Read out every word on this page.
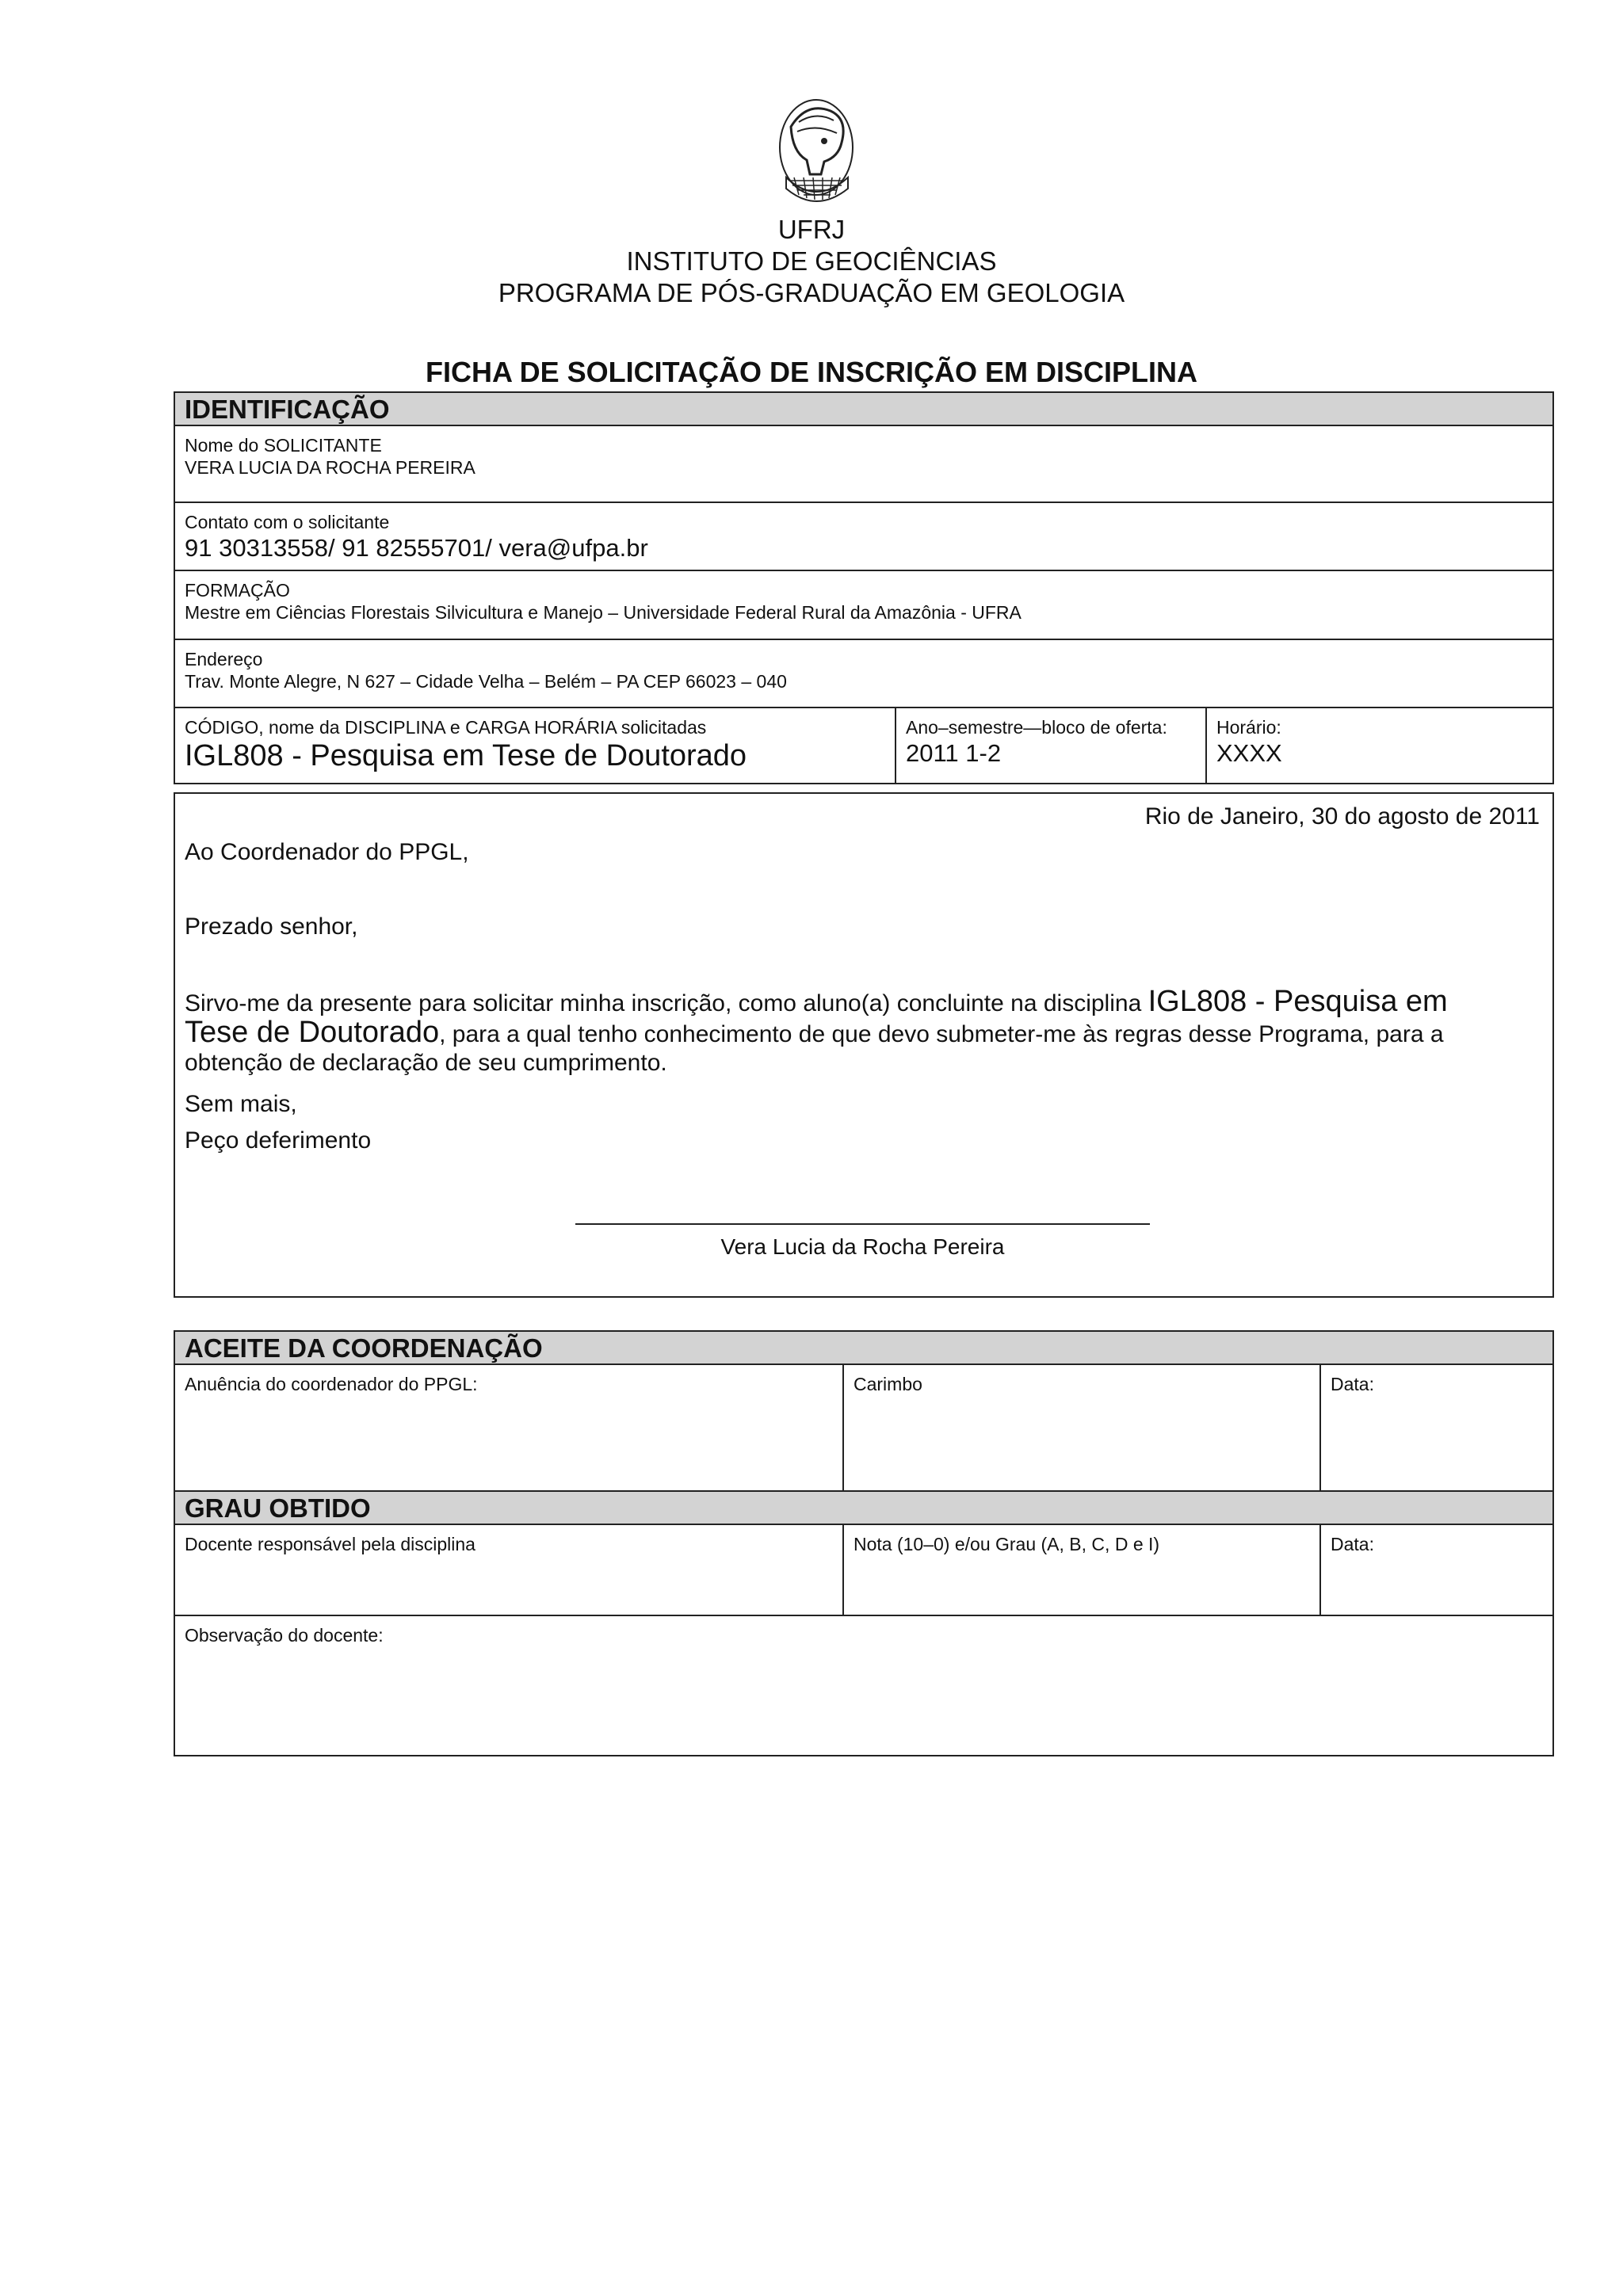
UFRJ
INSTITUTO DE GEOCIÊNCIAS
PROGRAMA DE PÓS-GRADUAÇÃO EM GEOLOGIA
FICHA DE SOLICITAÇÃO DE INSCRIÇÃO EM DISCIPLINA
IDENTIFICAÇÃO
Nome do SOLICITANTE
VERA LUCIA DA ROCHA PEREIRA
Contato com o solicitante
91 30313558/ 91 82555701/ vera@ufpa.br
FORMAÇÃO
Mestre em Ciências Florestais Silvicultura e Manejo – Universidade Federal Rural da Amazônia - UFRA
Endereço
Trav. Monte Alegre, N 627 – Cidade Velha – Belém – PA CEP 66023 – 040
CÓDIGO, nome da DISCIPLINA e CARGA HORÁRIA solicitadas
IGL808 - Pesquisa em Tese de Doutorado
Ano–semestre—bloco de oferta:
2011 1-2
Horário:
XXXX
Rio de Janeiro, 30 do agosto de 2011
Ao Coordenador do PPGL,
Prezado senhor,
Sirvo-me da presente para solicitar minha inscrição, como aluno(a) concluinte na disciplina IGL808 - Pesquisa em Tese de Doutorado, para a qual tenho conhecimento de que devo submeter-me às regras desse Programa, para a obtenção de declaração de seu cumprimento.
Sem mais,
Peço deferimento
Vera Lucia da Rocha Pereira
ACEITE DA COORDENAÇÃO
Anuência do coordenador do PPGL:	Carimbo	Data:
GRAU OBTIDO
Docente responsável pela disciplina	Nota (10–0) e/ou Grau (A, B, C, D e I)	Data:
Observação do docente:
